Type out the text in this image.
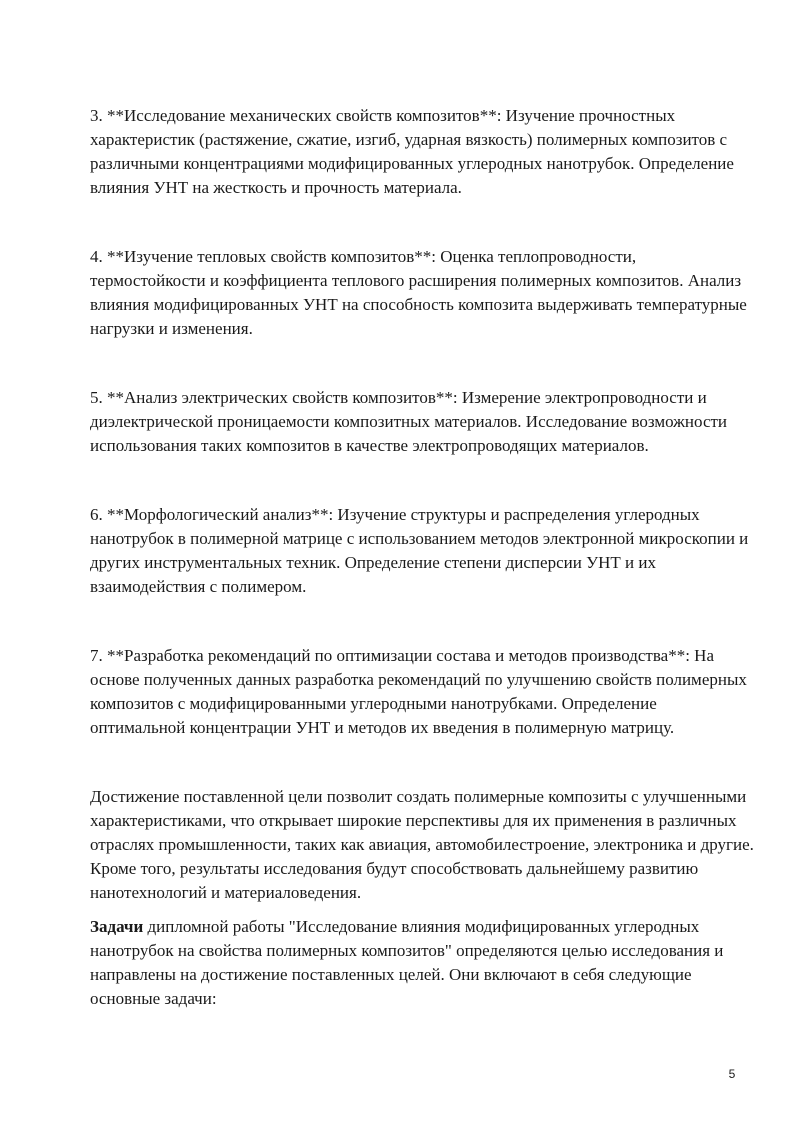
3. **Исследование механических свойств композитов**: Изучение прочностных характеристик (растяжение, сжатие, изгиб, ударная вязкость) полимерных композитов с различными концентрациями модифицированных углеродных нанотрубок. Определение влияния УНТ на жесткость и прочность материала.

4. **Изучение тепловых свойств композитов**: Оценка теплопроводности, термостойкости и коэффициента теплового расширения полимерных композитов. Анализ влияния модифицированных УНТ на способность композита выдерживать температурные нагрузки и изменения.

5. **Анализ электрических свойств композитов**: Измерение электропроводности и диэлектрической проницаемости композитных материалов. Исследование возможности использования таких композитов в качестве электропроводящих материалов.

6. **Морфологический анализ**: Изучение структуры и распределения углеродных нанотрубок в полимерной матрице с использованием методов электронной микроскопии и других инструментальных техник. Определение степени дисперсии УНТ и их взаимодействия с полимером.

7. **Разработка рекомендаций по оптимизации состава и методов производства**: На основе полученных данных разработка рекомендаций по улучшению свойств полимерных композитов с модифицированными углеродными нанотрубками. Определение оптимальной концентрации УНТ и методов их введения в полимерную матрицу.

Достижение поставленной цели позволит создать полимерные композиты с улучшенными характеристиками, что открывает широкие перспективы для их применения в различных отраслях промышленности, таких как авиация, автомобилестроение, электроника и другие. Кроме того, результаты исследования будут способствовать дальнейшему развитию нанотехнологий и материаловедения.

Задачи дипломной работы "Исследование влияния модифицированных углеродных нанотрубок на свойства полимерных композитов" определяются целью исследования и направлены на достижение поставленных целей. Они включают в себя следующие основные задачи:

5
